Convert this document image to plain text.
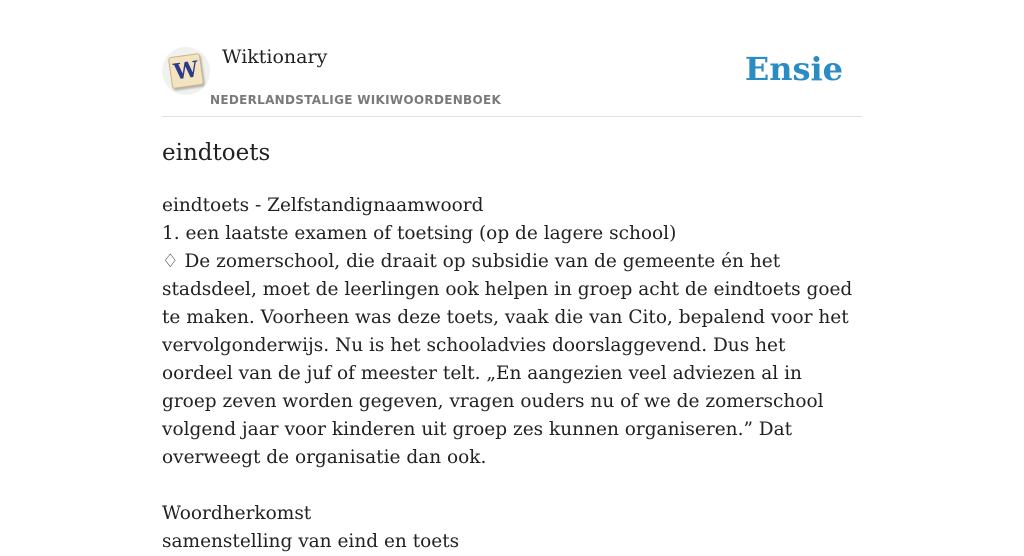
W Wiktionary
NEDERLANDSTALIGE WIKIWOORDENBOEK
Ensie
eindtoets

eindtoets - Zelfstandignaamwoord

1. een laatste examen of toetsing (op de lagere school)

♢ De zomerschool, die draait op subsidie van de gemeente én het stadsdeel, moet de leerlingen ook helpen in groep acht de eindtoets goed te maken. Voorheen was deze toets, vaak die van Cito, bepalend voor het vervolgonderwijs. Nu is het schooladvies doorslaggevend. Dus het oordeel van de juf of meester telt. „En aangezien veel adviezen al in groep zeven worden gegeven, vragen ouders nu of we de zomerschool volgend jaar voor kinderen uit groep zes kunnen organiseren.” Dat overweegt de organisatie dan ook.

Woordherkomst

samenstelling van eind en toets
